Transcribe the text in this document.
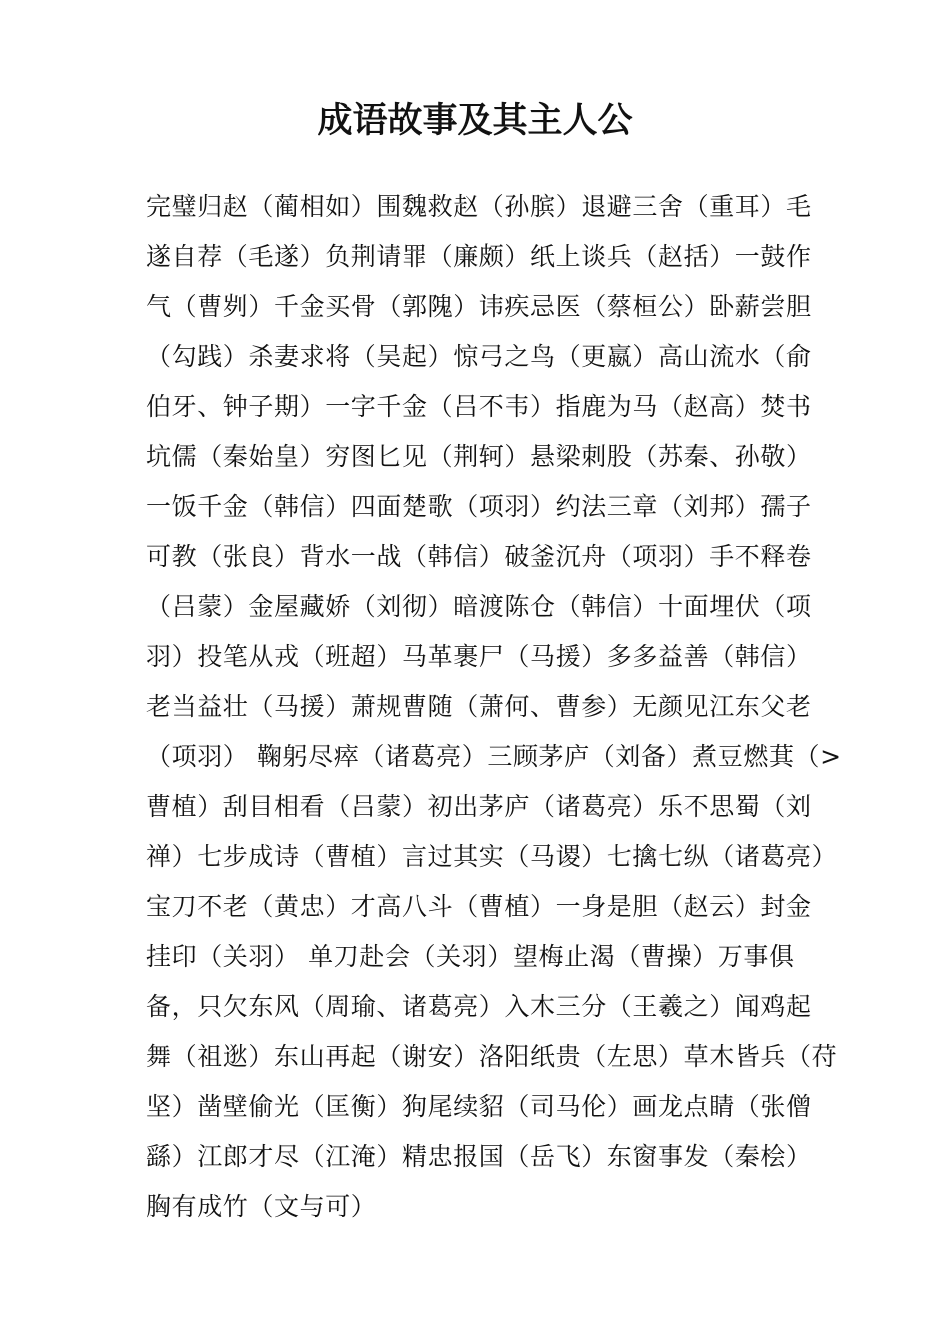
成语故事及其主人公
完璧归赵（蔺相如）围魏救赵（孙膑）退避三舍（重耳）毛
遂自荐（毛遂）负荆请罪（廉颇）纸上谈兵（赵括）一鼓作
气（曹刿）千金买骨（郭隗）讳疾忌医（蔡桓公）卧薪尝胆
（勾践）杀妻求将（吴起）惊弓之鸟（更嬴）高山流水（俞
伯牙、钟子期）一字千金（吕不韦）指鹿为马（赵高）焚书
坑儒（秦始皇）穷图匕见（荆轲）悬梁刺股（苏秦、孙敬）
一饭千金（韩信）四面楚歌（项羽）约法三章（刘邦）孺子
可教（张良）背水一战（韩信）破釜沉舟（项羽）手不释卷
（吕蒙）金屋藏娇（刘彻）暗渡陈仓（韩信）十面埋伏（项
羽）投笔从戎（班超）马革裹尸（马援）多多益善（韩信）
老当益壮（马援）萧规曹随（萧何、曹参）无颜见江东父老
（项羽） 鞠躬尽瘁（诸葛亮）三顾茅庐（刘备）煮豆燃萁（>
曹植）刮目相看（吕蒙）初出茅庐（诸葛亮）乐不思蜀（刘
禅）七步成诗（曹植）言过其实（马谡）七擒七纵（诸葛亮）
宝刀不老（黄忠）才高八斗（曹植）一身是胆（赵云）封金
挂印（关羽） 单刀赴会（关羽）望梅止渴（曹操）万事俱
备，只欠东风（周瑜、诸葛亮）入木三分（王羲之）闻鸡起
舞（祖逖）东山再起（谢安）洛阳纸贵（左思）草木皆兵（苻
坚）凿壁偷光（匡衡）狗尾续貂（司马伦）画龙点睛（张僧
繇）江郎才尽（江淹）精忠报国（岳飞）东窗事发（秦桧）
胸有成竹（文与可）
